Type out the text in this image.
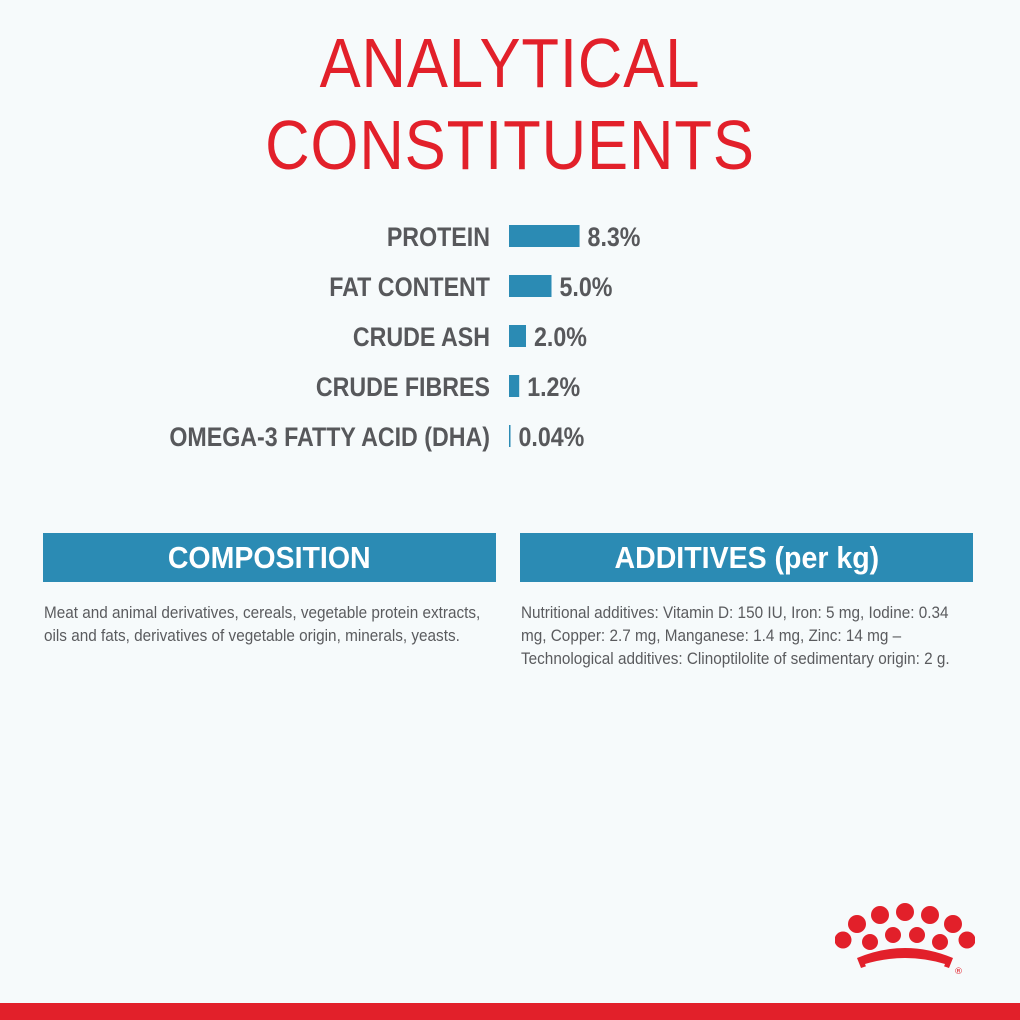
ANALYTICAL
CONSTITUENTS
PROTEIN	8.3%
FAT CONTENT	5.0%
CRUDE ASH 2.0%
CRUDE FIBRES 1.2%
OMEGA-3 FATTY ACID (DHA) 0.04%
COMPOSITION
Meat and animal derivatives, cereals, vegetable protein extracts, oils and fats, derivatives of vegetable origin, minerals, yeasts.
ADDITIVES (per kg)
Nutritional additives: Vitamin D: 150 IU, Iron: 5 mg, Iodine: 0.34 mg, Copper: 2.7 mg, Manganese: 1.4 mg, Zinc: 14 mg – Technological additives: Clinoptilolite of sedimentary origin: 2 g.
®
